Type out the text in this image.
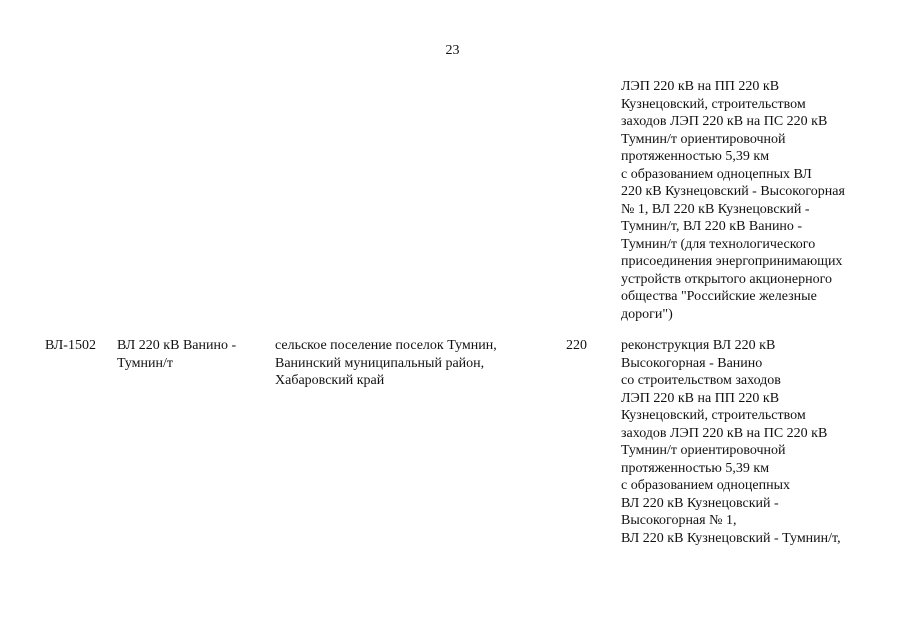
23
ЛЭП 220 кВ на ПП 220 кВ
Кузнецовский, строительством
заходов ЛЭП 220 кВ на ПС 220 кВ
Тумнин/т ориентировочной
протяженностью 5,39 км
с образованием одноцепных ВЛ
220 кВ Кузнецовский - Высокогорная
№ 1, ВЛ 220 кВ Кузнецовский -
Тумнин/т, ВЛ 220 кВ Ванино -
Тумнин/т (для технологического
присоединения энергопринимающих
устройств открытого акционерного
общества "Российские железные
дороги")
ВЛ-1502	ВЛ 220 кВ Ванино -
Тумнин/т
сельское поселение поселок Тумнин,
Ванинский муниципальный район,
Хабаровский край
220	реконструкция ВЛ 220 кВ
Высокогорная - Ванино
со строительством заходов
ЛЭП 220 кВ на ПП 220 кВ
Кузнецовский, строительством
заходов ЛЭП 220 кВ на ПС 220 кВ
Тумнин/т ориентировочной
протяженностью 5,39 км
с образованием одноцепных
ВЛ 220 кВ Кузнецовский -
Высокогорная № 1,
ВЛ 220 кВ Кузнецовский - Тумнин/т,
